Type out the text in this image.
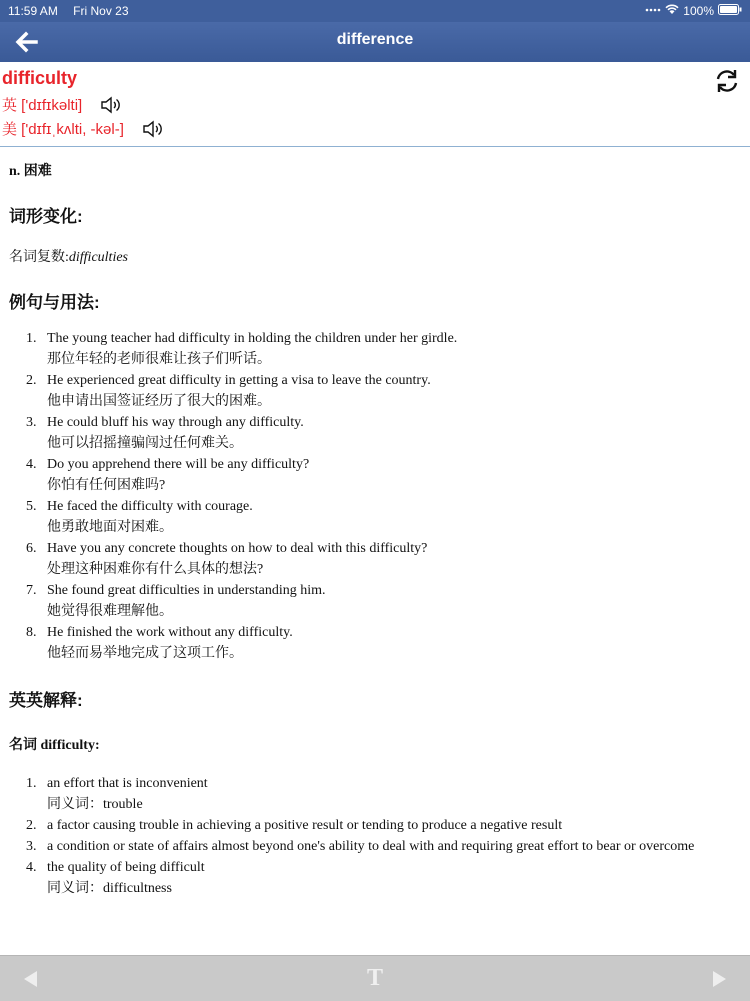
11:59 AM Fri Nov 23	100%
difference
difficulty
英 ['dɪfɪkəlti]
美 ['dɪfɪˌkʌlti, -kəl-]
n. 困难
词形变化:
名词复数:difficulties
例句与用法:
1. The young teacher had difficulty in holding the children under her girdle.
那位年轻的老师很难让孩子们听话。
2. He experienced great difficulty in getting a visa to leave the country.
他申请出国签证经历了很大的困难。
3. He could bluff his way through any difficulty.
他可以招摇撞骗闯过任何难关。
4. Do you apprehend there will be any difficulty?
你怕有任何困难吗?
5. He faced the difficulty with courage.
他勇敢地面对困难。
6. Have you any concrete thoughts on how to deal with this difficulty?
处理这种困难你有什么具体的想法?
7. She found great difficulties in understanding him.
她觉得很难理解他。
8. He finished the work without any difficulty.
他轻而易举地完成了这项工作。
英英解释:
名词 difficulty:
1. an effort that is inconvenient
同义词：trouble
2. a factor causing trouble in achieving a positive result or tending to produce a negative result
3. a condition or state of affairs almost beyond one's ability to deal with and requiring great effort to bear or overcome
4. the quality of being difficult
同义词：difficultness
T
